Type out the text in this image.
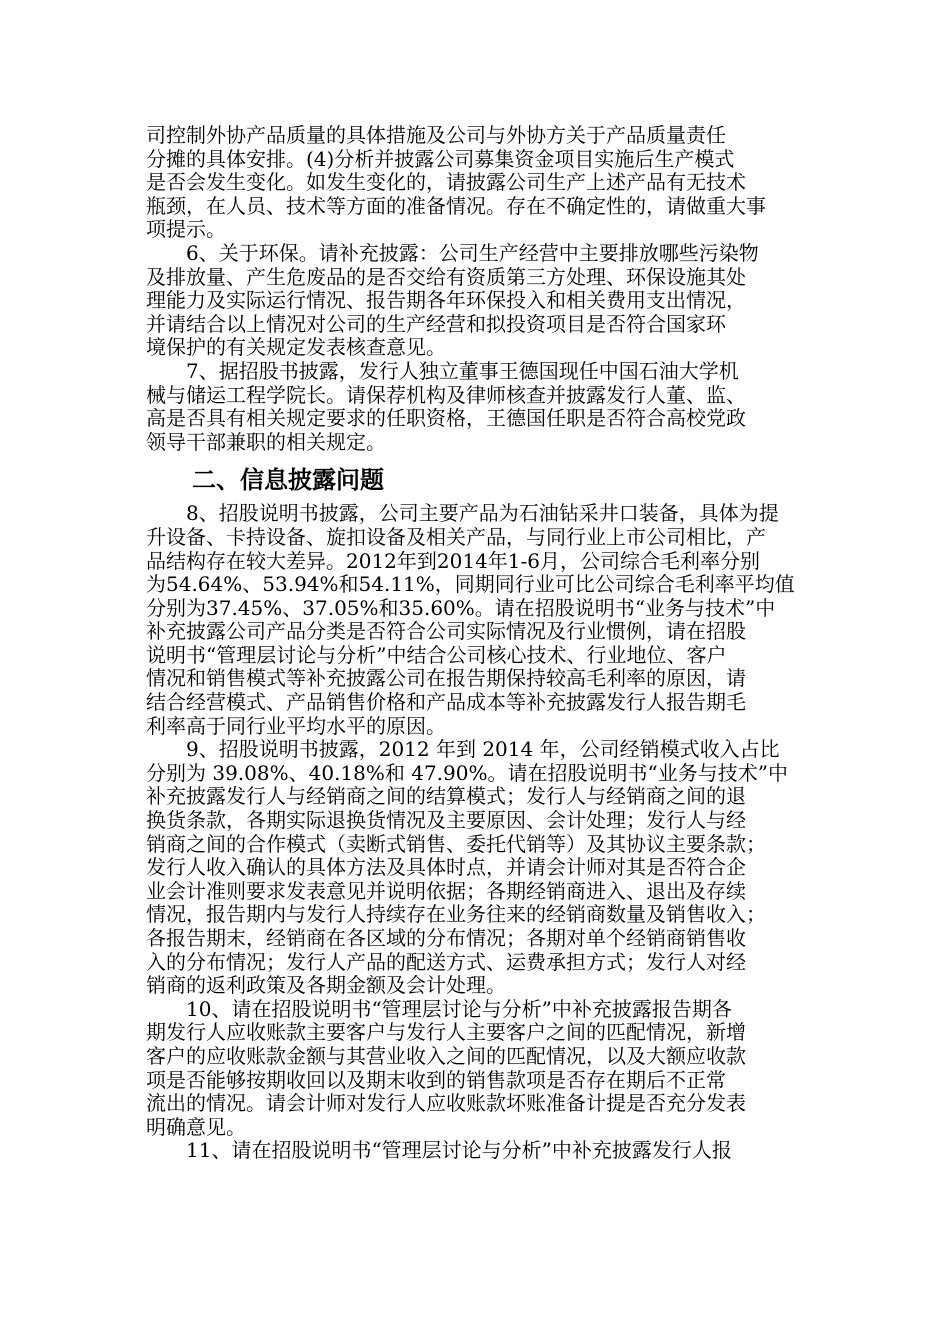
司控制外协产品质量的具体措施及公司与外协方关于产品质量责任
分摊的具体安排。(4)分析并披露公司募集资金项目实施后生产模式
是否会发生变化。如发生变化的，请披露公司生产上述产品有无技术
瓶颈，在人员、技术等方面的准备情况。存在不确定性的，请做重大事
项提示。
6、关于环保。请补充披露：公司生产经营中主要排放哪些污染物
及排放量、产生危废品的是否交给有资质第三方处理、环保设施其处
理能力及实际运行情况、报告期各年环保投入和相关费用支出情况，
并请结合以上情况对公司的生产经营和拟投资项目是否符合国家环
境保护的有关规定发表核查意见。
7、据招股书披露，发行人独立董事王德国现任中国石油大学机
械与储运工程学院长。请保荐机构及律师核查并披露发行人董、监、
高是否具有相关规定要求的任职资格，王德国任职是否符合高校党政
领导干部兼职的相关规定。
二、信息披露问题
8、招股说明书披露，公司主要产品为石油钻采井口装备，具体为提
升设备、卡持设备、旋扣设备及相关产品，与同行业上市公司相比，产
品结构存在较大差异。2012年到2014年1-6月，公司综合毛利率分别
为54.64%、53.94%和54.11%，同期同行业可比公司综合毛利率平均值
分别为37.45%、37.05%和35.60%。请在招股说明书“业务与技术”中
补充披露公司产品分类是否符合公司实际情况及行业惯例，请在招股
说明书“管理层讨论与分析”中结合公司核心技术、行业地位、客户
情况和销售模式等补充披露公司在报告期保持较高毛利率的原因，请
结合经营模式、产品销售价格和产品成本等补充披露发行人报告期毛
利率高于同行业平均水平的原因。
9、招股说明书披露，2012 年到 2014 年，公司经销模式收入占比
分别为 39.08%、40.18%和 47.90%。请在招股说明书“业务与技术”中
补充披露发行人与经销商之间的结算模式；发行人与经销商之间的退
换货条款，各期实际退换货情况及主要原因、会计处理；发行人与经
销商之间的合作模式（卖断式销售、委托代销等）及其协议主要条款；
发行人收入确认的具体方法及具体时点，并请会计师对其是否符合企
业会计准则要求发表意见并说明依据；各期经销商进入、退出及存续
情况，报告期内与发行人持续存在业务往来的经销商数量及销售收入；
各报告期末，经销商在各区域的分布情况；各期对单个经销商销售收
入的分布情况；发行人产品的配送方式、运费承担方式；发行人对经
销商的返利政策及各期金额及会计处理。
10、请在招股说明书“管理层讨论与分析”中补充披露报告期各
期发行人应收账款主要客户与发行人主要客户之间的匹配情况，新增
客户的应收账款金额与其营业收入之间的匹配情况，以及大额应收款
项是否能够按期收回以及期末收到的销售款项是否存在期后不正常
流出的情况。请会计师对发行人应收账款坏账准备计提是否充分发表
明确意见。
11、请在招股说明书“管理层讨论与分析”中补充披露发行人报
